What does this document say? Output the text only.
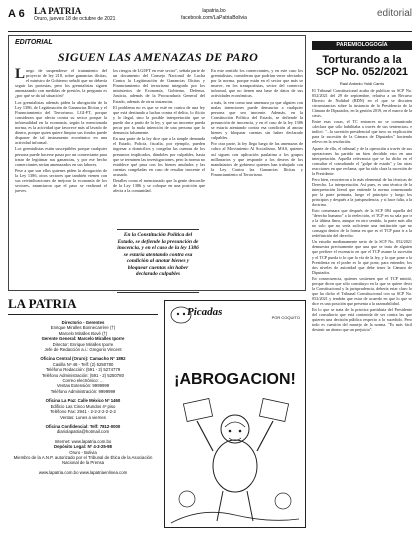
A 6 LA PATRIA
Oruro, jueves 18 de octubre de 2021
lapatria.bo
facebook.com/LaPatriaBolivia	editorial
EDITORIAL
SIGUEN LAS AMENAZAS DE PARO

Luego de suspenderse el tratamiento del proyecto de ley 218, sobre ganancias ilícitas, el ministro de Gobierno señaló que no debería seguir las protestas, pero los gremialistas siguen amenazando con medidas de presión, la pregunta es ¿por qué se da tal situación?

Los gremialistas además piden la abrogación de la Ley 1386, de Legitimación de Ganancias Ilícitas y el Financiamiento del Terrorismo, LGI-FT, porque consideran que afecta contra su sector porque la informalidad en la economía, según la mencionada norma, es la actividad que favorece más al lavado de dinero, porque quien quiere limpiar sus fondos puede disponer de tal instrumento económico en una actividad informal.

Los gremialistas están susceptibles porque cualquier persona puede hacerse pasar por un comerciante para tratar de legitimar sus ganancias, y por ese hecho comerciantes serían amenazados en sus labores.

Pese a que son ellos quienes piden la abrogación de la Ley 1386, otros sectores que también vienen con sus reivindicaciones de mejorar la economía de los sectores, anunciaron que el paso se realizará el jueves.

los riesgos de LGI/FT en este sector", señala parte de un documento del Consejo Nacional de Lucha Contra la Legitimación de Ganancias Ilícitas y Financiamiento del terrorismo integrado por los ministerios de Economía, Gobierno, Defensa, Justicia, además de la Procuraduría General del Estado, además de otras instancias.

El problema no es que se esté en contra de una ley que está destinada a luchar contra el delito, lo ilícito y lo ilegal, sino la posible interpretación que se puede dar a partir de la ley, y que un inocente pueda pecar por la mala intención de una persona que lo denuncia falsamente.

En una parte de la ley dice que a la simple demanda el Estado, Policía, fiscalía, por ejemplo, pueden ingresar a domicilios y congelar las cuentas de los presuntos implicados, dándoles por culpables, hasta que se terminen las investigaciones, pero la norma no establece qué pasa con los bienes anulados y las cuentas congeladas en caso de resultar inocente el acusado.

Detalles como el mencionado que la gente desconfíe de la Ley 1386 y se coloque en una posición que afecta a la comunidad.

En este sentido los comerciantes, y en este caso los gremialistas, consideran que podrían verse afectados por la norma, porque están en el sector que más se mueve, en los transportistas, sector del comercio informal, que no tienen una base de datos de sus actividades económicas.

a más, la ven como una amenaza ya que alguien con malas intenciones puede denunciar a cualquier persona que sea inocente. Además, en la Constitución Política del Estado, se defiende la presunción de inocencia, y en el caso de la ley 1386 se estaría atentando contra esa condición al anotar bienes y bloquear cuentas sin haber declarado culpables.

Por otra parte, la ley llega luego de las amenazas de cobro al Movimiento Al Socialismo, MAS, quienes así siguen con aplicación paulatina a los grupos millonarios y que responde a los deseos de los mandatarios de gobierno quienes han trabajado con la Ley Contra las Ganancias Ilícitas y Financiamiento al Terrorismo.

En la Constitución Política del Estado, se defiende la presunción de inocencia, y en el caso de la ley 1386 se estaría atentando contra esa condición al anotar bienes y bloquear cuentas sin haber declarado culpables
PAREMIOLOGOGÍA
Torturando a la SCP No. 052/2021
Raúl Antonio Yoldi Carrio

El Tribunal Constitucional acaba de publicar su SCP No. 052/2021 del 29 de septiembre, relativa a un Recurso Directo de Nulidad (RDN) en el que se discuten circunstancias sobre la instancia de la Presidencia de la Cámara de Diputados, en la gestión 2019, en el marco de la crisis.

Entre esas cosas, el TC entonces no se comunicado «declara que sólo habilitaba a través de sus sentencias» e indicó: "...la sucesión presidencial que tuvo su explicación para la sucesión de la Cámara de Diputados" haciendo relevo en la resolución.

Aparte de ello, el tribunal y de la operación a través de sus operaciones ha partido un bien decidido esto en una interpretación. Aquella relevancia que se ha dicho en el consultar el consultando el "golpe de estado" y las otras reacciones en que reclama, que ha sido clara la sucesión de la Presidente.

Pero bien, recorrieron a lo más elemental de las técnicas de Derecho. La interpretación. Así pues, es una técnica de la interpretación literal que entiende la norma comenzando por la parte primaria, luego el principio y luego los principios y después a la jurisprudencia, y si hace falta, a la doctrina.

Esto comenzara que después de la SCP 084 aquella del "derecho humano" a la reelección, el TCP en su sala por ir a la última línea, aunque en otro sentido, la parte más alta no solo que no sería suficiente una institución que no consagra dentro de la forma en que es el TCP para ir a la redefinición del derecho.

Un estudio medianamente serio de la SCP No. 052/2021 demuestra precisamente que una que se trata de alguien que prefiere el escenario en que el TCP asume la sucesión y el TCP pueda ir lo que la vía de la ley, y lo que pone a la Presidenta en el poder es lo que pone, para entender, los dos niveles de autoridad que debe tener la Cámara de Diputados.

En consecuencia, quienes sostienen que el TCP mintió, porque dicen que sólo constituyo en la que se quiere decir la Constitucional y la jurisprudencia, debería estar claro lo que ha dicho el Tribunal Constitucional con su SCP No. 052/2021 y tendrán que estar de acuerdo en que lo que se dice es una posición que presenta a la razonabilidad.

En lo que se trata de la práctica partidaria del Presidente del consultorio que está contenida de ser contra las que quieren una decisión pública respecto a lo sucedido. Pero todo es cuestión del manejo de la norma. "Es más fácil destruir un átomo que un prejuicio".

LA PATRIA
Directorio - Gerentes
Enrique Miralles Bonnecarrère (†)
Marcelo Miralles Bové (†)
Gerente General: Marcelo Miralles Iporre
Director: Enrique Miralles Iporre
Jefe de Redacción a.i.: Gregorio Vincent
Oficina Central (Oruro): Camacho Nº 1892
Casilla Nº 48 - Telf: (2) 5250780
Teléfono Redacción: (591 - 2) 5274779
Teléfono Administración: (591 - 2) 5250780
Correo electrónico: ...
Ventas Extensión: 9999999
Teléfono Administración: 9999999
Oficina La Paz: Calle México Nº 1460
Edificio Las Cinco Mundos 4º piso
Teléfono Fax: 2941 - 2-2-2-2-2-2-2
Ventas: Lunes a viernes
Oficina Confidencial: Telf: 7812-0000
diariolapatria@hotmail.com
Internet: www.lapatria.com.bo
Depósito Legal: Nº 4-3-25-98
Oruro - Bolivia
Miembro de la A.N.P. autorizado por el Tribunal de Ética de la Asociación Nacional de la Prensa
www.lapatria.com.bo www.lapatriaenlinea.com
Picadas	POR COQUITO
¡ABROGACION!
